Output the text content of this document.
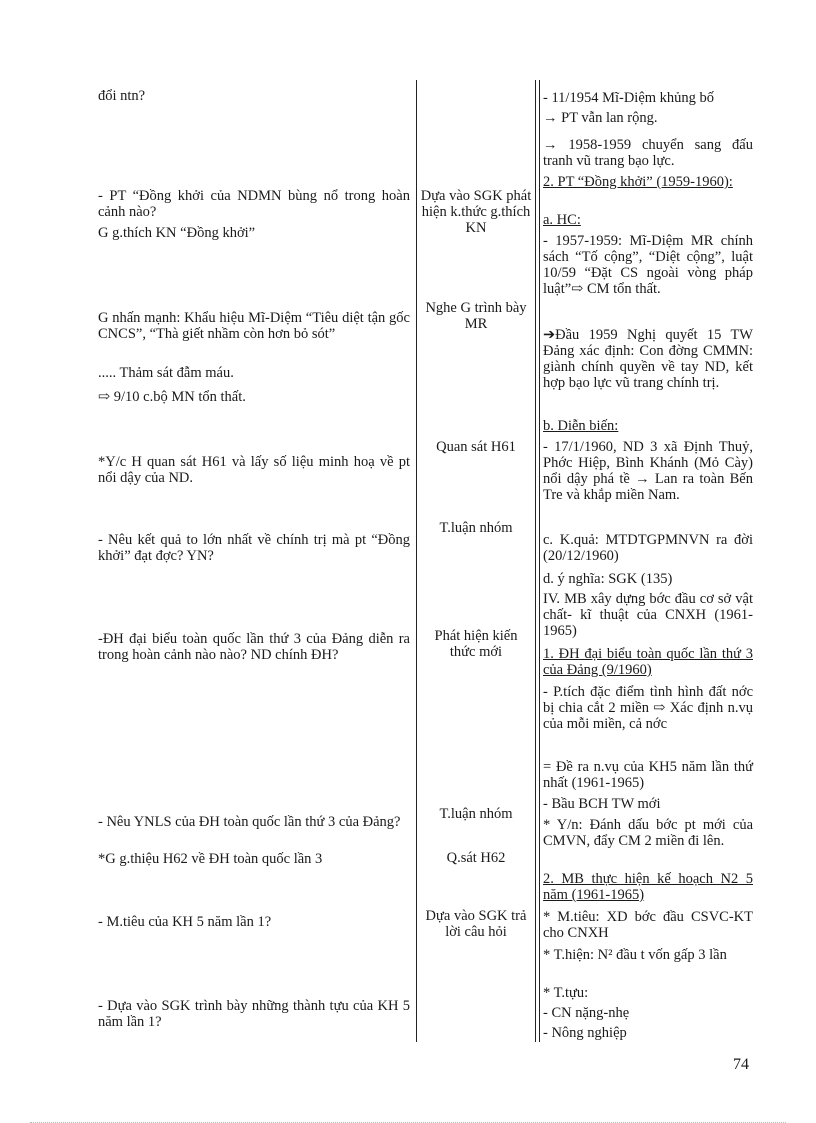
đổi ntn?
- PT “Đồng khởi của NDMN bùng nổ trong hoàn cảnh nào?
G g.thích KN “Đồng khởi”
G nhấn mạnh: Khẩu hiệu Mĩ-Diệm “Tiêu diệt tận gốc CNCS”, “Thà giết nhầm còn hơn bỏ sót”
..... Thảm sát đẫm máu.
⇨ 9/10 c.bộ MN tổn thất.
*Y/c H quan sát H61 và lấy số liệu minh hoạ về pt nổi dậy của ND.
- Nêu kết quả to lớn nhất về chính trị mà pt “Đồng khởi” đạt đợc? YN?
-ĐH đại biểu toàn quốc lần thứ 3 của Đảng diễn ra trong hoàn cảnh nào nào? ND chính ĐH?
- Nêu YNLS của ĐH toàn quốc lần thứ 3 của Đảng?
*G g.thiệu H62 về ĐH toàn quốc lần 3
- M.tiêu của KH 5 năm lần 1?
- Dựa vào SGK trình bày những thành tựu của KH 5 năm lần 1?
Dựa vào SGK phát hiện k.thức g.thích KN
Nghe G trình bày MR
Quan sát H61
T.luận nhóm
Phát hiện kiến thức mới
T.luận nhóm
Q.sát H62
Dựa vào SGK trả lời câu hỏi
- 11/1954 Mĩ-Diệm khủng bố
→ PT vẫn lan rộng.
→ 1958-1959 chuyển sang đấu tranh vũ trang bạo lực.
2. PT “Đồng khởi” (1959-1960):
a. HC:
- 1957-1959: Mĩ-Diệm MR chính sách “Tố cộng”, “Diệt cộng”, luật 10/59 “Đặt CS ngoài vòng pháp luật”⇨ CM tổn thất.
➔Đầu 1959 Nghị quyết 15 TW Đảng xác định: Con đờng CMMN: giành chính quyền về tay ND, kết hợp bạo lực vũ trang chính trị.
b. Diễn biến:
- 17/1/1960, ND 3 xã Định Thuỷ, Phớc Hiệp, Bình Khánh (Mỏ Cày) nổi dậy phá tề → Lan ra toàn Bến Tre và khắp miền Nam.
c. K.quả: MTDTGPMNVN ra đời (20/12/1960)
d. ý nghĩa: SGK (135)
IV. MB xây dựng bớc đầu cơ sở vật chất- kĩ thuật của CNXH (1961-1965)
1. ĐH đại biểu toàn quốc lần thứ 3 của Đảng (9/1960)
- P.tích đặc điểm tình hình đất nớc bị chia cắt 2 miền ⇨ Xác định n.vụ của mỗi miền, cả nớc
= Đề ra n.vụ của KH5 năm lần thứ nhất (1961-1965)
- Bầu BCH TW mới
* Y/n: Đánh dấu bớc pt mới của CMVN, đẩy CM 2 miền đi lên.
2. MB thực hiện kế hoạch N2 5 năm (1961-1965)
* M.tiêu: XD bớc đầu CSVC-KT cho CNXH
* T.hiện: N² đầu t vốn gấp 3 lần
* T.tựu:
- CN nặng-nhẹ
- Nông nghiệp
74
